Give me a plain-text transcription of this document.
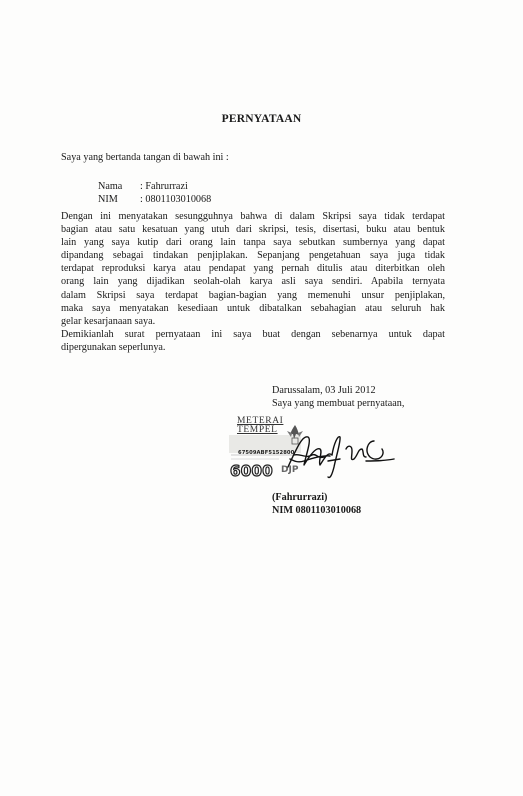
PERNYATAAN
Saya yang bertanda tangan di bawah ini :
Nama : Fahrurrazi
NIM : 0801103010068

Dengan ini menyatakan sesungguhnya bahwa di dalam Skripsi saya tidak terdapat

bagian atau satu kesatuan yang utuh dari skripsi, tesis, disertasi, buku atau bentuk

lain yang saya kutip dari orang lain tanpa saya sebutkan sumbernya yang dapat

dipandang sebagai tindakan penjiplakan. Sepanjang pengetahuan saya juga tidak

terdapat reproduksi karya atau pendapat yang pernah ditulis atau diterbitkan oleh

orang lain yang dijadikan seolah-olah karya asli saya sendiri. Apabila ternyata

dalam Skripsi saya terdapat bagian-bagian yang memenuhi unsur penjiplakan,

maka saya menyatakan kesediaan untuk dibatalkan sebahagian atau seluruh hak

gelar kesarjanaan saya.

Demikianlah surat pernyataan ini saya buat dengan sebenarnya untuk dapat

dipergunakan seperlunya.

Darussalam, 03 Juli 2012
Saya yang membuat pernyataan,
METERAI
TEMPEL
67509ABF5152800
6000 DJP
(Fahrurrazi)
NIM 0801103010068
